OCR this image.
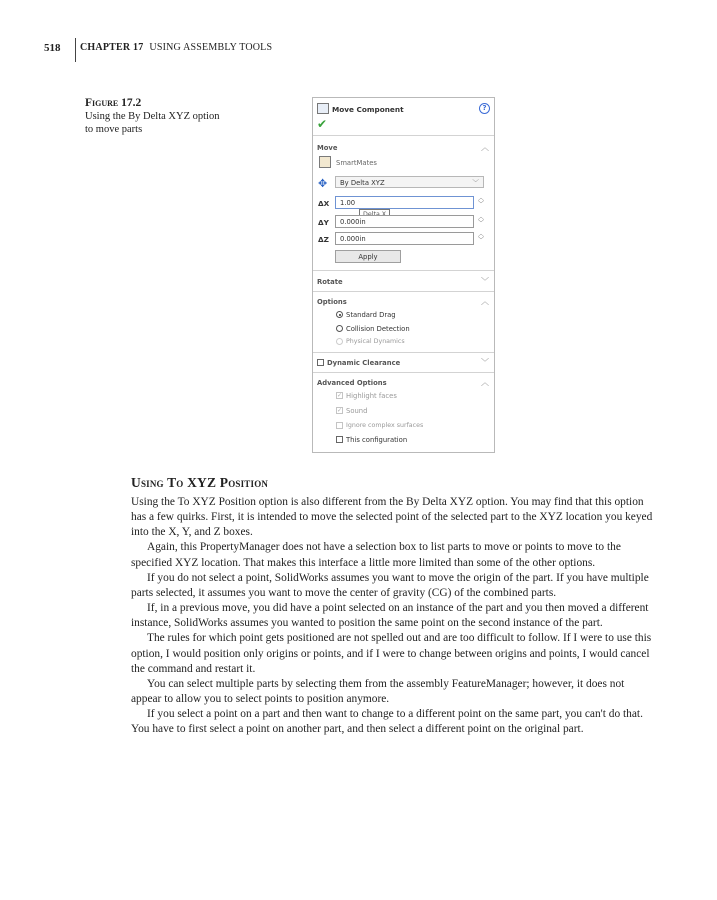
518 CHAPTER 17 USING ASSEMBLY TOOLS
Figure 17.2
Using the By Delta XYZ option to move parts
Move Component	?
✔
Move	︿
SmartMates
✥	By Delta XYZ	﹀
ΔX	1.00
︿
﹀
ΔY	0.000in
︿
﹀
ΔZ	0.000in
︿
﹀
Apply
Rotate	﹀
Options	︿
Standard Drag
Collision Detection
Physical Dynamics
Dynamic Clearance	﹀
Advanced Options	︿
✓ Highlight faces
✓ Sound
Ignore complex surfaces
This configuration
Using To XYZ Position

Using the To XYZ Position option is also different from the By Delta XYZ option. You may find that this option has a few quirks. First, it is intended to move the selected point of the selected part to the XYZ location you keyed into the X, Y, and Z boxes.

Again, this PropertyManager does not have a selection box to list parts to move or points to move to the specified XYZ location. That makes this interface a little more limited than some of the other options.

If you do not select a point, SolidWorks assumes you want to move the origin of the part. If you have multiple parts selected, it assumes you want to move the center of gravity (CG) of the combined parts.

If, in a previous move, you did have a point selected on an instance of the part and you then moved a different instance, SolidWorks assumes you wanted to position the same point on the second instance of the part.

The rules for which point gets positioned are not spelled out and are too difficult to follow. If I were to use this option, I would position only origins or points, and if I were to change between origins and points, I would cancel the command and restart it.

You can select multiple parts by selecting them from the assembly FeatureManager; however, it does not appear to allow you to select points to position anymore.

If you select a point on a part and then want to change to a different point on the same part, you can't do that. You have to first select a point on another part, and then select a different point on the original part.
